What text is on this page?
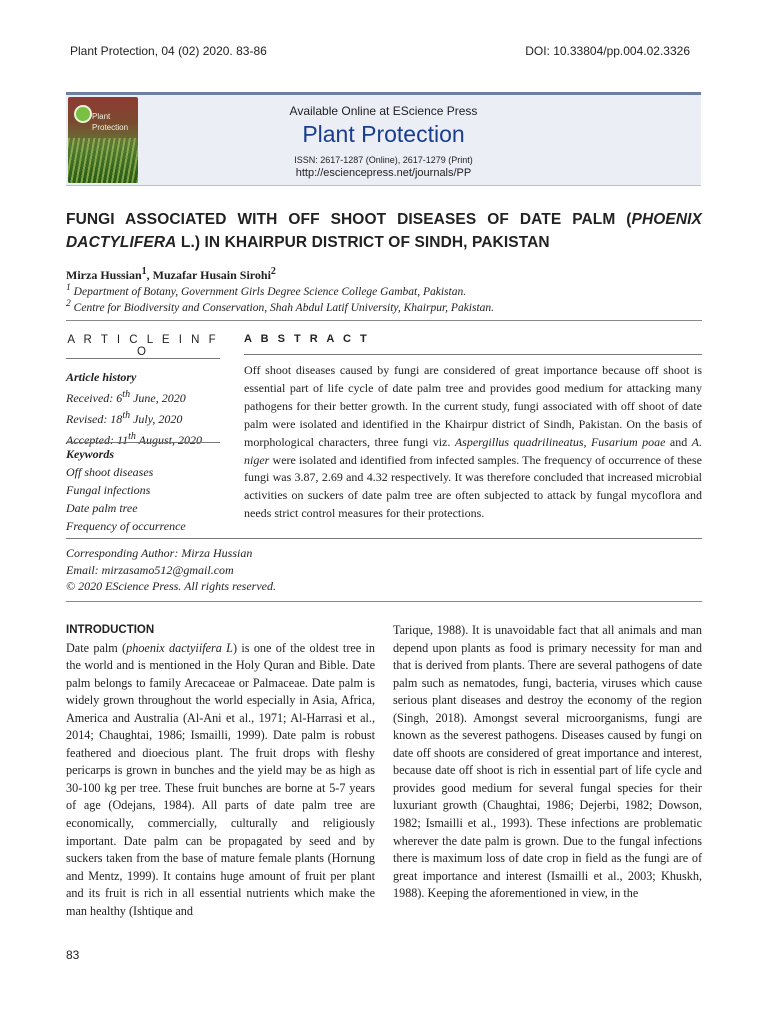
Plant Protection, 04 (02) 2020. 83-86	DOI: 10.33804/pp.004.02.3326
Plant
Protection
Available Online at EScience Press
Plant Protection
ISSN: 2617-1287 (Online), 2617-1279 (Print)
http://esciencepress.net/journals/PP
FUNGI ASSOCIATED WITH OFF SHOOT DISEASES OF DATE PALM (PHOENIX DACTYLIFERA L.) IN KHAIRPUR DISTRICT OF SINDH, PAKISTAN
Mirza Hussian$^1$, Muzafar Husain Sirohi$^2$
$^1$ Department of Botany, Government Girls Degree Science College Gambat, Pakistan.
$^2$ Centre for Biodiversity and Conservation, Shah Abdul Latif University, Khairpur, Pakistan.
A R T I C L E I N F O
A B S T R A C T
Article history
Received: 6th June, 2020
Revised: 18th July, 2020
Accepted: 11th August, 2020
Keywords
Off shoot diseases
Fungal infections
Date palm tree
Frequency of occurrence
Off shoot diseases caused by fungi are considered of great importance because off shoot is essential part of life cycle of date palm tree and provides good medium for attacking many pathogens for their better growth. In the current study, fungi associated with off shoot of date palm were isolated and identified in the Khairpur district of Sindh, Pakistan. On the basis of morphological characters, three fungi viz. Aspergillus quadrilineatus, Fusarium poae and A. niger were isolated and identified from infected samples. The frequency of occurrence of these fungi was 3.87, 2.69 and 4.32 respectively. It was therefore concluded that increased microbial activities on suckers of date palm tree are often subjected to attack by fungal mycoflora and needs strict control measures for their protections.
Corresponding Author: Mirza Hussian
Email: mirzasamo512@gmail.com
© 2020 EScience Press. All rights reserved.
INTRODUCTION
Date palm (phoenix dactyiifera L) is one of the oldest tree in the world and is mentioned in the Holy Quran and Bible. Date palm belongs to family Arecaceae or Palmaceae. Date palm is widely grown throughout the world especially in Asia, Africa, America and Australia (Al-Ani et al., 1971; Al-Harrasi et al., 2014; Chaughtai, 1986; Ismailli, 1999). Date palm is robust feathered and dioecious plant. The fruit drops with fleshy pericarps is grown in bunches and the yield may be as high as 30-100 kg per tree. These fruit bunches are borne at 5-7 years of age (Odejans, 1984). All parts of date palm tree are economically, commercially, culturally and religiously important. Date palm can be propagated by seed and by suckers taken from the base of mature female plants (Hornung and Mentz, 1999). It contains huge amount of fruit per plant and its fruit is rich in all essential nutrients which make the man healthy (Ishtique and
Tarique, 1988). It is unavoidable fact that all animals and man depend upon plants as food is primary necessity for man and that is derived from plants. There are several pathogens of date palm such as nematodes, fungi, bacteria, viruses which cause serious plant diseases and destroy the economy of the region (Singh, 2018). Amongst several microorganisms, fungi are known as the severest pathogens. Diseases caused by fungi on date off shoots are considered of great importance and interest, because date off shoot is rich in essential part of life cycle and provides good medium for several fungal species for their luxuriant growth (Chaughtai, 1986; Dejerbi, 1982; Dowson, 1982; Ismailli et al., 1993). These infections are problematic wherever the date palm is grown. Due to the fungal infections there is maximum loss of date crop in field as the fungi are of great importance and interest (Ismailli et al., 2003; Khuskh, 1988). Keeping the aforementioned in view, in the
83
